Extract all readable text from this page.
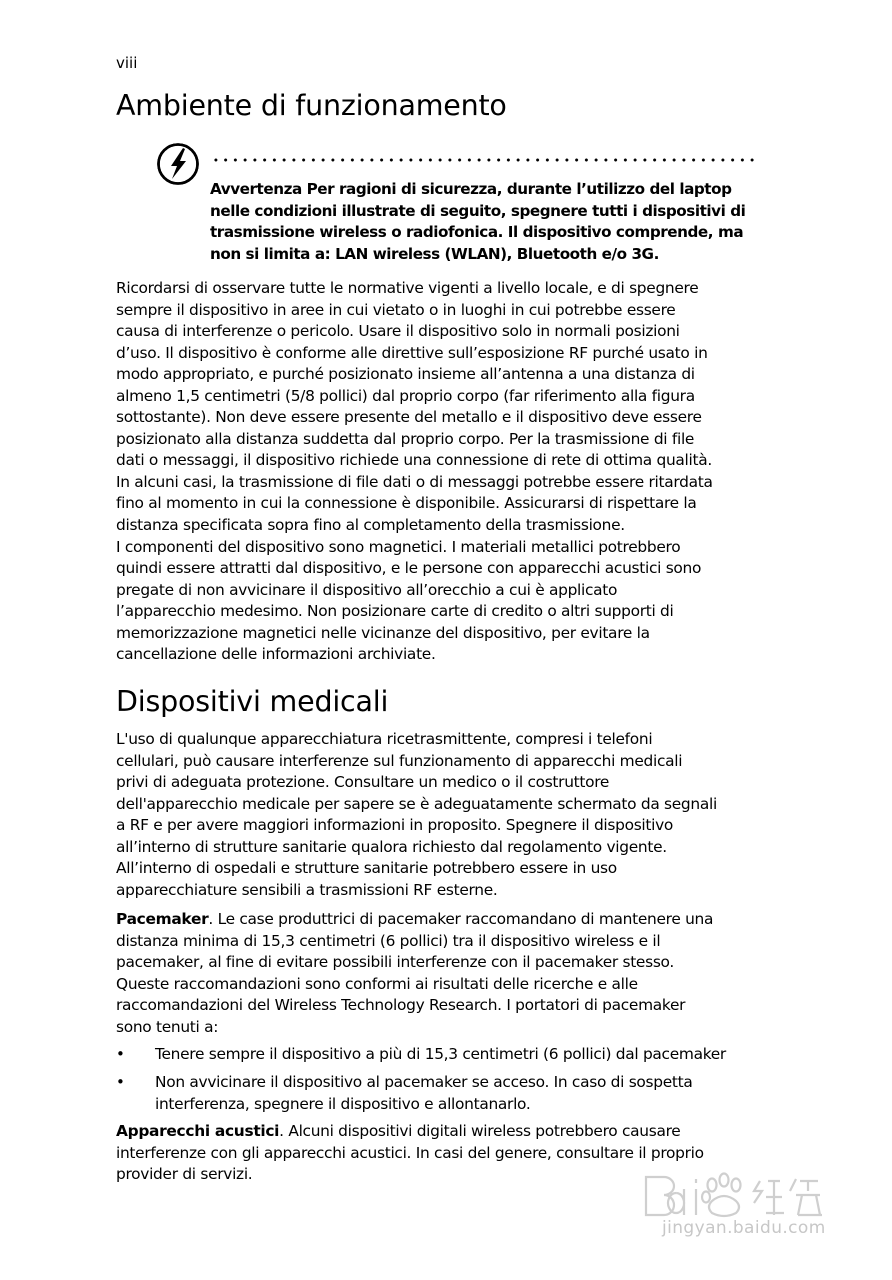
viii
Ambiente di funzionamento
Avvertenza Per ragioni di sicurezza, durante l’utilizzo del laptop
nelle condizioni illustrate di seguito, spegnere tutti i dispositivi di
trasmissione wireless o radiofonica. Il dispositivo comprende, ma
non si limita a: LAN wireless (WLAN), Bluetooth e/o 3G.
Ricordarsi di osservare tutte le normative vigenti a livello locale, e di spegnere
sempre il dispositivo in aree in cui vietato o in luoghi in cui potrebbe essere
causa di interferenze o pericolo. Usare il dispositivo solo in normali posizioni
d’uso. Il dispositivo è conforme alle direttive sull’esposizione RF purché usato in
modo appropriato, e purché posizionato insieme all’antenna a una distanza di
almeno 1,5 centimetri (5/8 pollici) dal proprio corpo (far riferimento alla figura
sottostante). Non deve essere presente del metallo e il dispositivo deve essere
posizionato alla distanza suddetta dal proprio corpo. Per la trasmissione di file
dati o messaggi, il dispositivo richiede una connessione di rete di ottima qualità.
In alcuni casi, la trasmissione di file dati o di messaggi potrebbe essere ritardata
fino al momento in cui la connessione è disponibile. Assicurarsi di rispettare la
distanza specificata sopra fino al completamento della trasmissione.
I componenti del dispositivo sono magnetici. I materiali metallici potrebbero
quindi essere attratti dal dispositivo, e le persone con apparecchi acustici sono
pregate di non avvicinare il dispositivo all’orecchio a cui è applicato
l’apparecchio medesimo. Non posizionare carte di credito o altri supporti di
memorizzazione magnetici nelle vicinanze del dispositivo, per evitare la
cancellazione delle informazioni archiviate.
Dispositivi medicali
L'uso di qualunque apparecchiatura ricetrasmittente, compresi i telefoni
cellulari, può causare interferenze sul funzionamento di apparecchi medicali
privi di adeguata protezione. Consultare un medico o il costruttore
dell'apparecchio medicale per sapere se è adeguatamente schermato da segnali
a RF e per avere maggiori informazioni in proposito. Spegnere il dispositivo
all’interno di strutture sanitarie qualora richiesto dal regolamento vigente.
All’interno di ospedali e strutture sanitarie potrebbero essere in uso
apparecchiature sensibili a trasmissioni RF esterne.
Pacemaker. Le case produttrici di pacemaker raccomandano di mantenere una
distanza minima di 15,3 centimetri (6 pollici) tra il dispositivo wireless e il
pacemaker, al fine di evitare possibili interferenze con il pacemaker stesso.
Queste raccomandazioni sono conformi ai risultati delle ricerche e alle
raccomandazioni del Wireless Technology Research. I portatori di pacemaker
sono tenuti a:
• Tenere sempre il dispositivo a più di 15,3 centimetri (6 pollici) dal pacemaker
• Non avvicinare il dispositivo al pacemaker se acceso. In caso di sospetta
interferenza, spegnere il dispositivo e allontanarlo.
Apparecchi acustici. Alcuni dispositivi digitali wireless potrebbero causare
interferenze con gli apparecchi acustici. In casi del genere, consultare il proprio
provider di servizi.
jingyan.baidu.com
